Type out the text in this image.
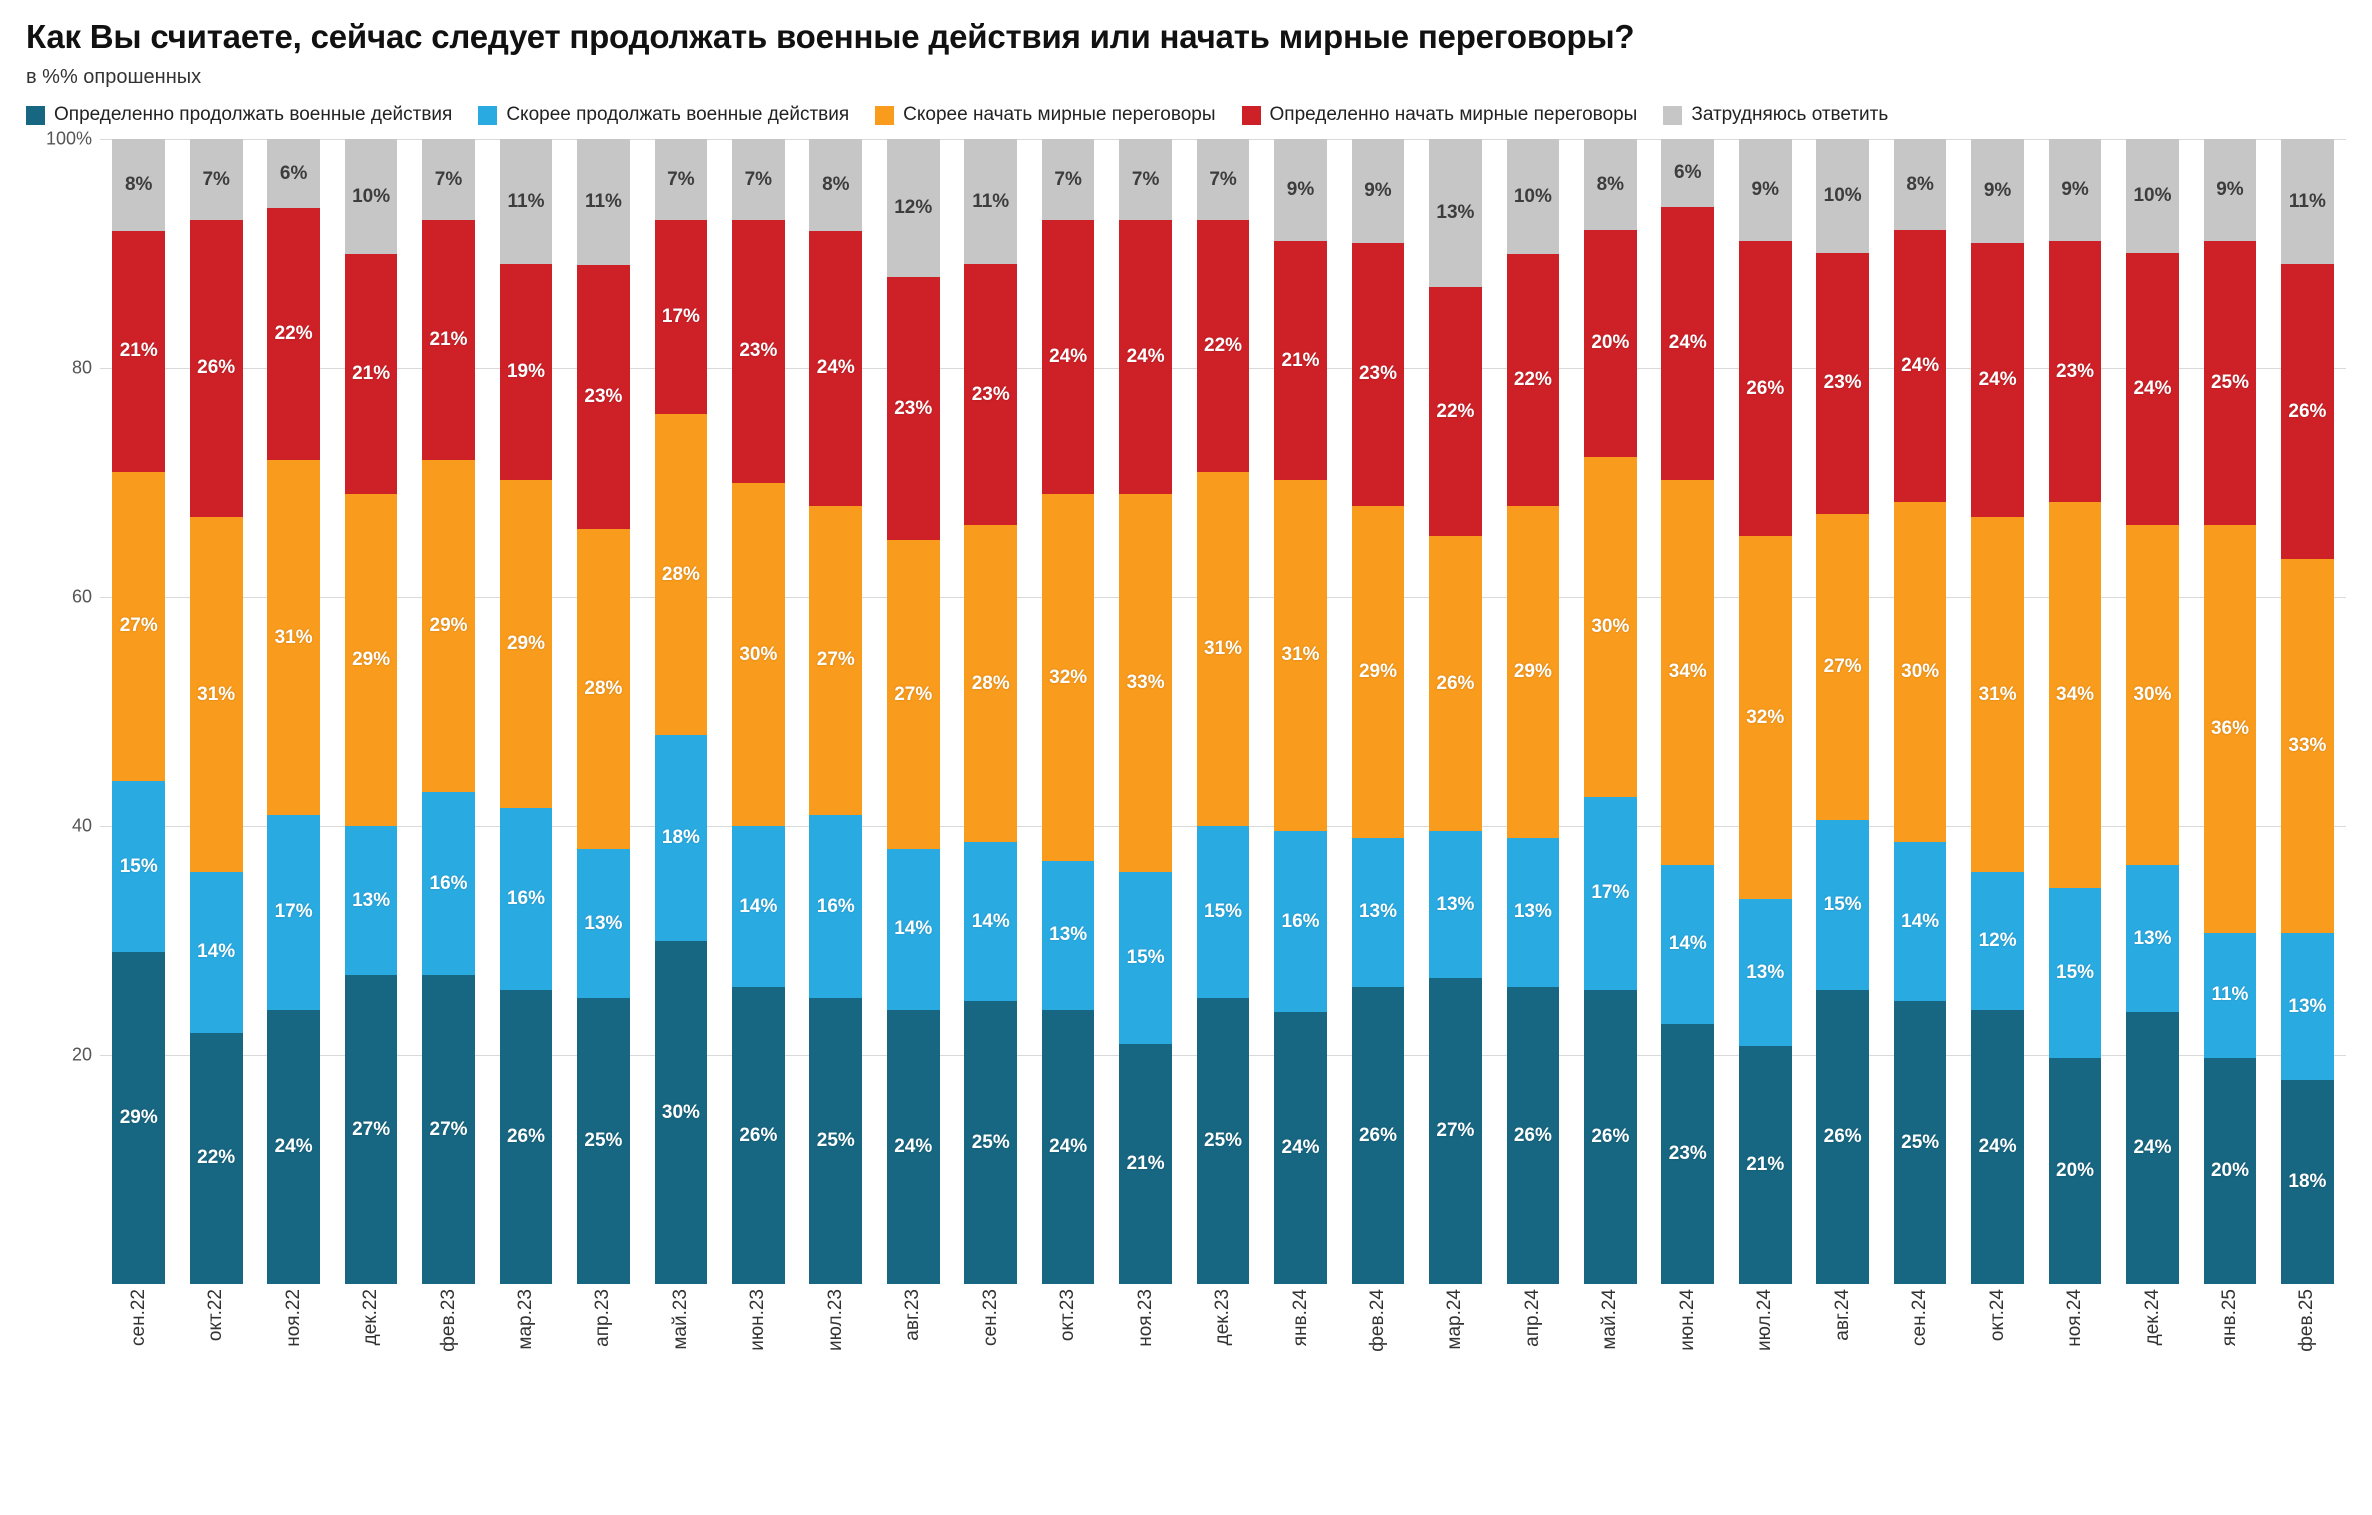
Как Вы считаете, сейчас следует продолжать военные действия или начать мирные переговоры?
в %% опрошенных
Определенно продолжать военные действия	Скорее продолжать военные действия	Скорее начать мирные переговоры	Определенно начать мирные переговоры	Затрудняюсь ответить
100%
80
60
40
20
8%
21%
27%
15%
29%
7%
26%
31%
14%
22%
6%
22%
31%
17%
24%
10%
21%
29%
13%
27%
7%
21%
29%
16%
27%
11%
19%
29%
16%
26%
11%
23%
28%
13%
25%
7%
17%
28%
18%
30%
7%
23%
30%
14%
26%
8%
24%
27%
16%
25%
12%
23%
27%
14%
24%
11%
23%
28%
14%
25%
7%
24%
32%
13%
24%
7%
24%
33%
15%
21%
7%
22%
31%
15%
25%
9%
21%
31%
16%
24%
9%
23%
29%
13%
26%
13%
22%
26%
13%
27%
10%
22%
29%
13%
26%
8%
20%
30%
17%
26%
6%
24%
34%
14%
23%
9%
26%
32%
13%
21%
10%
23%
27%
15%
26%
8%
24%
30%
14%
25%
9%
24%
31%
12%
24%
9%
23%
34%
15%
20%
10%
24%
30%
13%
24%
9%
25%
36%
11%
20%
11%
26%
33%
13%
18%
сен.22	окт.22	ноя.22	дек.22	фев.23	мар.23	апр.23	май.23	июн.23	июл.23	авг.23	сен.23	окт.23	ноя.23	дек.23	янв.24	фев.24	мар.24	апр.24	май.24	июн.24	июл.24	авг.24	сен.24	окт.24	ноя.24	дек.24	янв.25	фев.25
